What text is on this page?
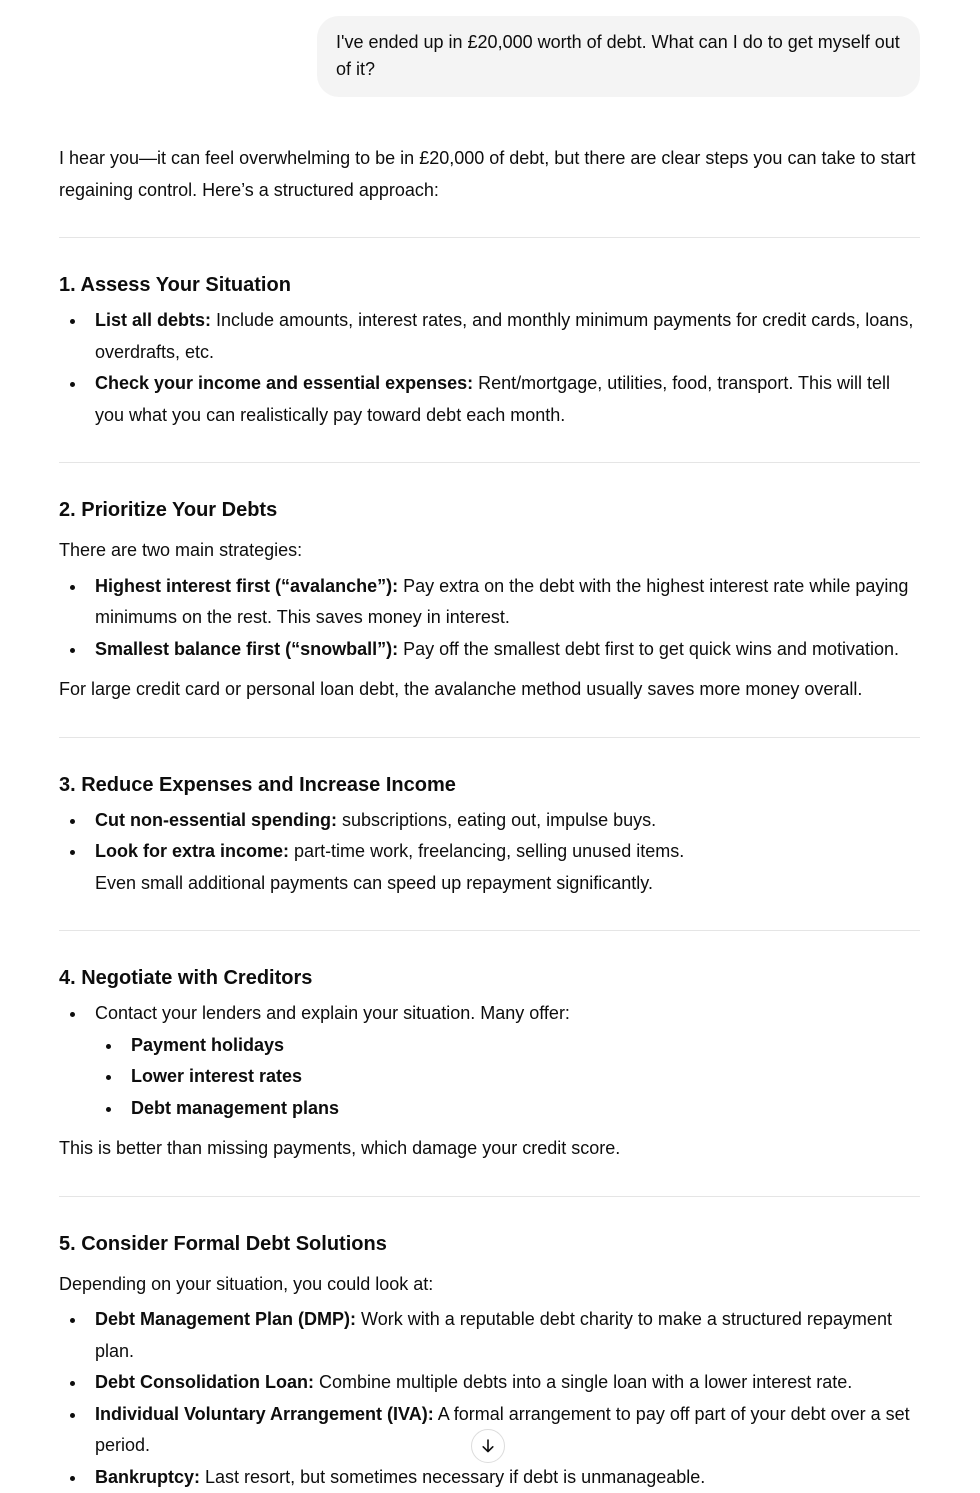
I've ended up in £20,000 worth of debt. What can I do to get myself out of it?

I hear you—it can feel overwhelming to be in £20,000 of debt, but there are clear steps you can take to start regaining control. Here’s a structured approach:

1. Assess Your Situation
List all debts: Include amounts, interest rates, and monthly minimum payments for credit cards, loans, overdrafts, etc.
Check your income and essential expenses: Rent/mortgage, utilities, food, transport. This will tell you what you can realistically pay toward debt each month.
2. Prioritize Your Debts

There are two main strategies:

Highest interest first (“avalanche”): Pay extra on the debt with the highest interest rate while paying minimums on the rest. This saves money in interest.
Smallest balance first (“snowball”): Pay off the smallest debt first to get quick wins and motivation.

For large credit card or personal loan debt, the avalanche method usually saves more money overall.

3. Reduce Expenses and Increase Income
Cut non-essential spending: subscriptions, eating out, impulse buys.
Look for extra income: part-time work, freelancing, selling unused items.
Even small additional payments can speed up repayment significantly.
4. Negotiate with Creditors
Contact your lenders and explain your situation. Many offer:
Payment holidays
Lower interest rates
Debt management plans

This is better than missing payments, which damage your credit score.

5. Consider Formal Debt Solutions

Depending on your situation, you could look at:

Debt Management Plan (DMP): Work with a reputable debt charity to make a structured repayment plan.
Debt Consolidation Loan: Combine multiple debts into a single loan with a lower interest rate.
Individual Voluntary Arrangement (IVA): A formal arrangement to pay off part of your debt over a set period.
Bankruptcy: Last resort, but sometimes necessary if debt is unmanageable.
